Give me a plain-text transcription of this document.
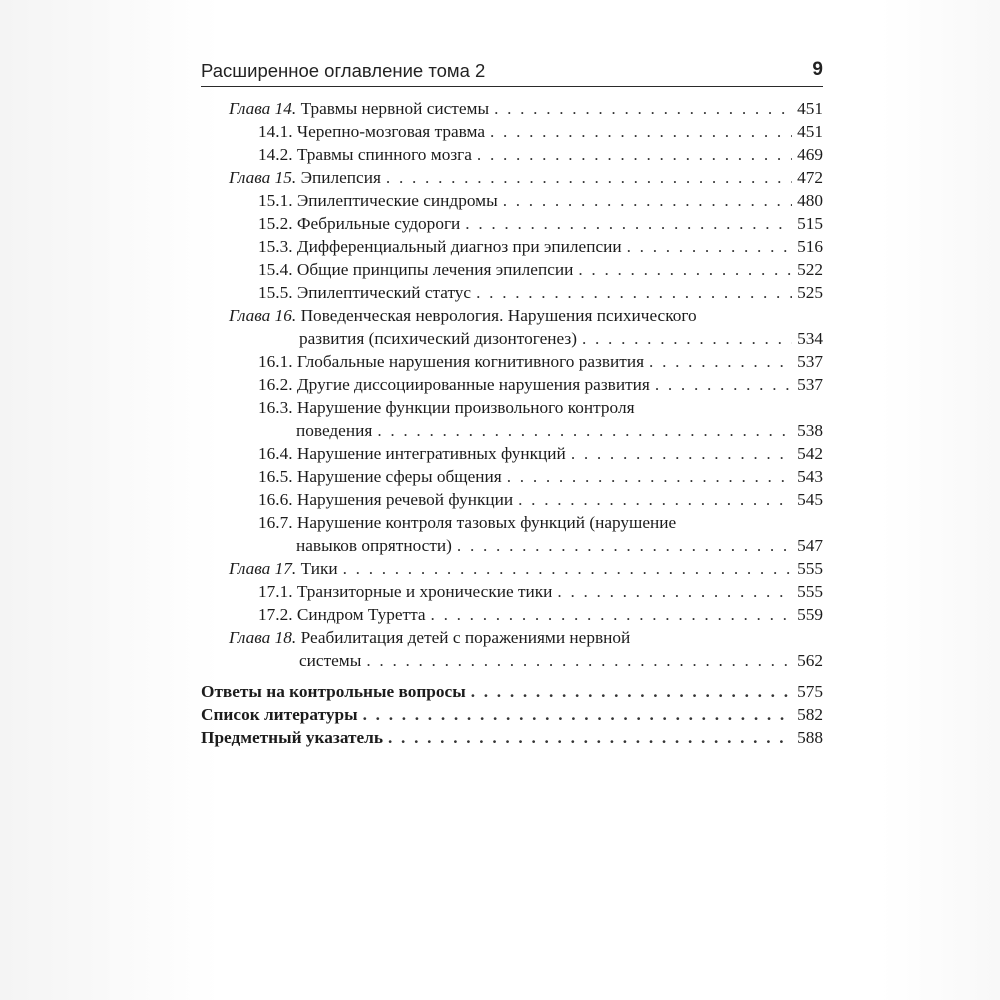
Расширенное оглавление тома 2	9
Глава 14. Травмы нервной системы . . .	451
14.1. Черепно-мозговая травма . . .	451
14.2. Травмы спинного мозга . . .	469
Глава 15. Эпилепсия . . .	472
15.1. Эпилептические синдромы . . .	480
15.2. Фебрильные судороги . . .	515
15.3. Дифференциальный диагноз при эпилепсии . . .	516
15.4. Общие принципы лечения эпилепсии . . .	522
15.5. Эпилептический статус . . .	525
Глава 16. Поведенческая неврология. Нарушения психического
развития (психический дизонтогенез) . . .	534
16.1. Глобальные нарушения когнитивного развития . . .	537
16.2. Другие диссоциированные нарушения развития . . .	537
16.3. Нарушение функции произвольного контроля
поведения . . .	538
16.4. Нарушение интегративных функций . . .	542
16.5. Нарушение сферы общения . . .	543
16.6. Нарушения речевой функции . . .	545
16.7. Нарушение контроля тазовых функций (нарушение
навыков опрятности) . . .	547
Глава 17. Тики . . .	555
17.1. Транзиторные и хронические тики . . .	555
17.2. Синдром Туретта . . .	559
Глава 18. Реабилитация детей с поражениями нервной
системы . . .	562
Ответы на контрольные вопросы . . .	575
Список литературы . . .	582
Предметный указатель . . .	588
